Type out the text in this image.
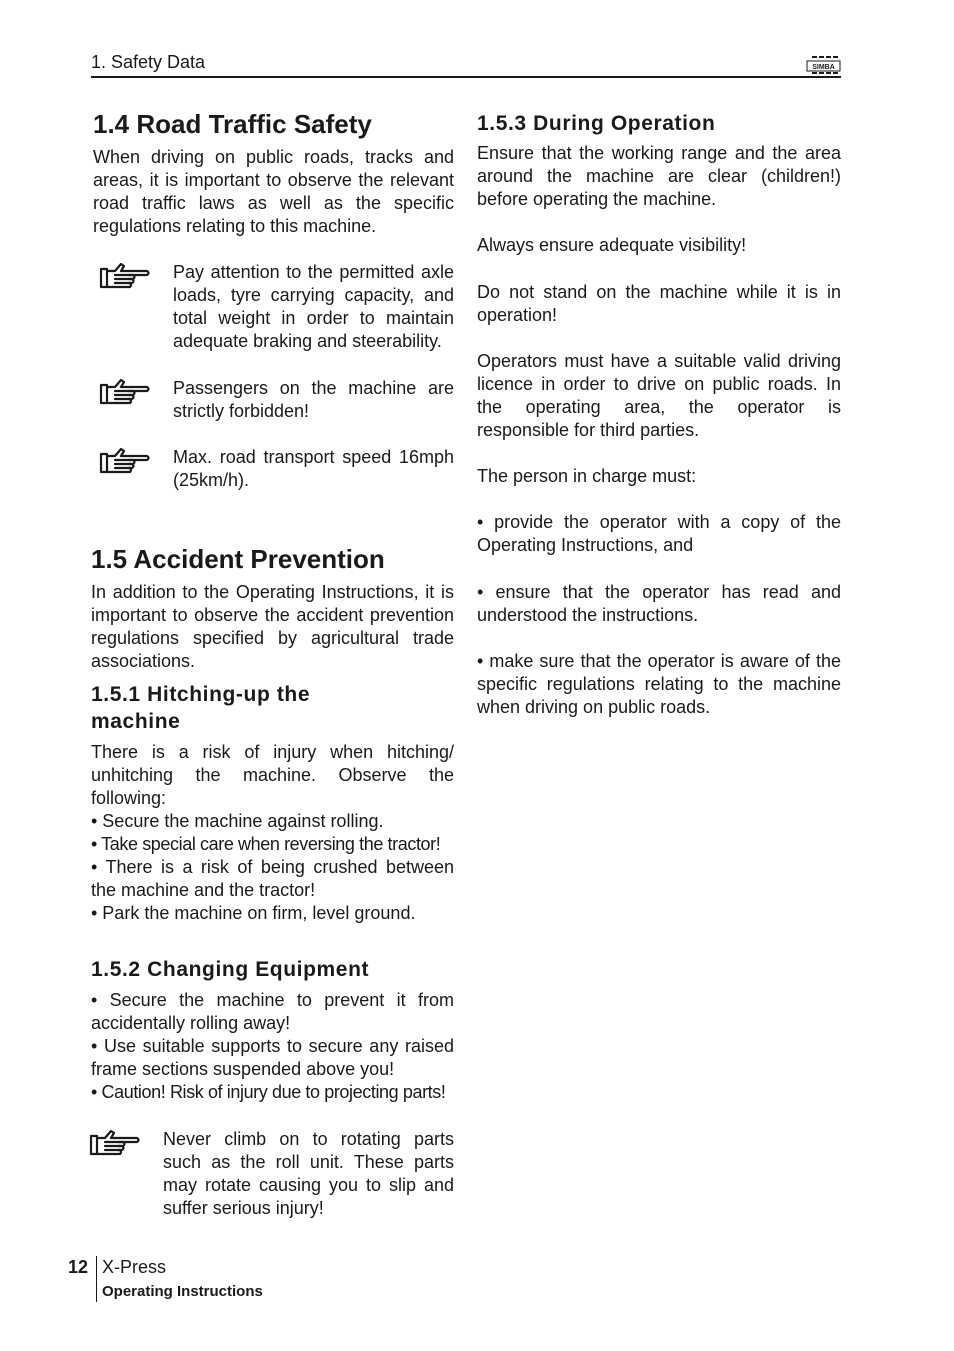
1. Safety Data	SIMBA
1.4 Road Traffic Safety

When driving on public roads, tracks and areas, it is important to observe the relevant road traffic laws as well as the specific regulations relating to this machine.

Pay attention to the permitted axle loads, tyre carrying capacity, and total weight in order to maintain adequate braking and steerability.

Passengers on the machine are strictly forbidden!

Max. road transport speed 16mph (25km/h).

1.5 Accident Prevention

In addition to the Operating Instructions, it is important to observe the accident prevention regulations specified by agricultural trade associations.

1.5.1 Hitching-up the
machine

There is a risk of injury when hitching/ unhitching the machine. Observe the following:

• Secure the machine against rolling.

• Take special care when reversing the tractor!

• There is a risk of being crushed between the machine and the tractor!

• Park the machine on firm, level ground.

1.5.2 Changing Equipment

• Secure the machine to prevent it from accidentally rolling away!

• Use suitable supports to secure any raised frame sections suspended above you!

• Caution! Risk of injury due to projecting parts!

Never climb on to rotating parts such as the roll unit. These parts may rotate causing you to slip and suffer serious injury!

1.5.3 During Operation

Ensure that the working range and the area around the machine are clear (children!) before operating the machine.

Always ensure adequate visibility!

Do not stand on the machine while it is in operation!

Operators must have a suitable valid driving licence in order to drive on public roads. In the operating area, the operator is responsible for third parties.

The person in charge must:

• provide the operator with a copy of the Operating Instructions, and

• ensure that the operator has read and understood the instructions.

• make sure that the operator is aware of the specific regulations relating to the machine when driving on public roads.

12 X-Press
Operating Instructions
